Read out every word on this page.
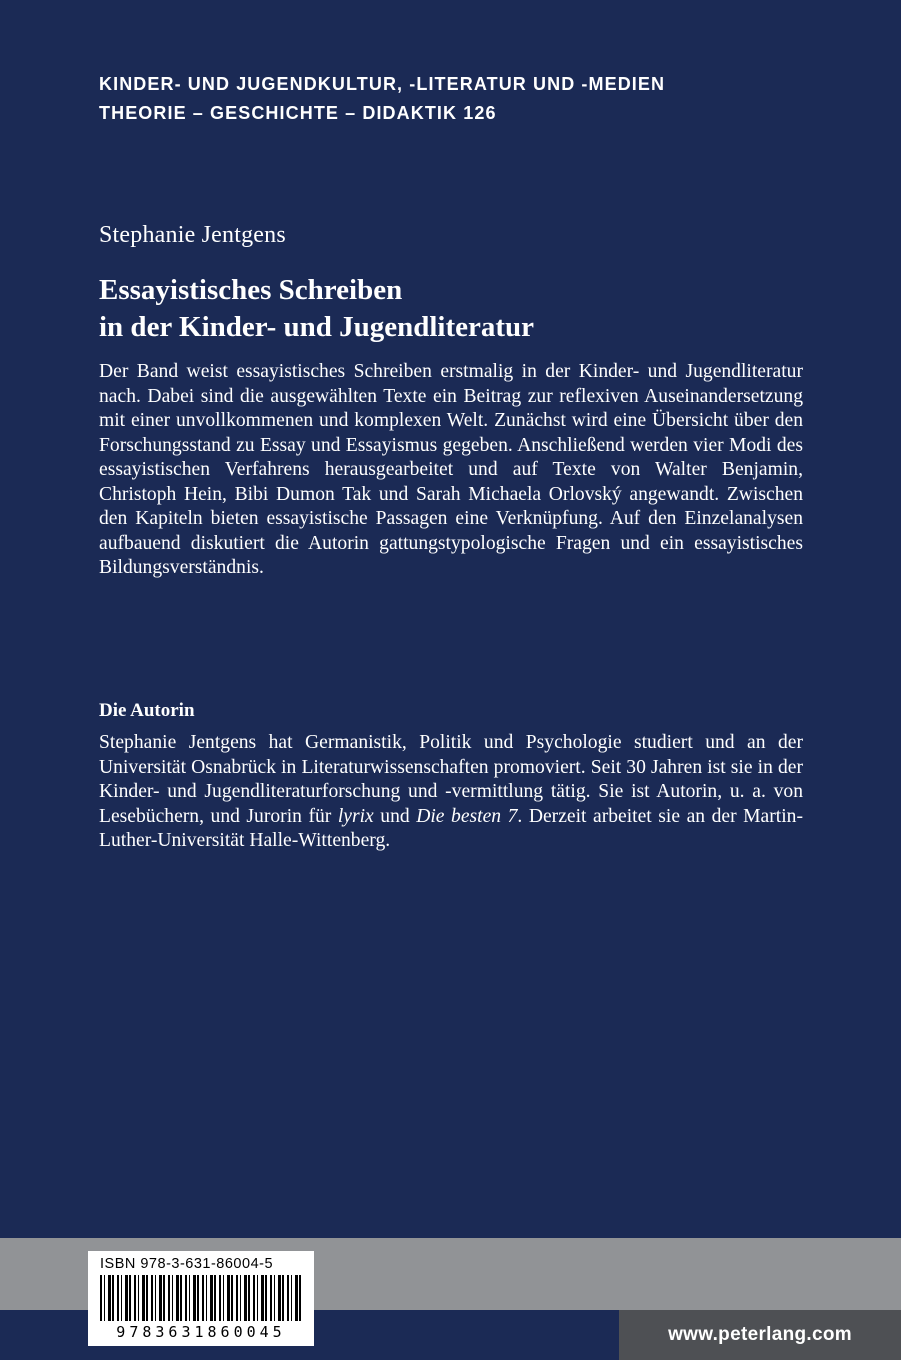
KINDER- UND JUGENDKULTUR, -LITERATUR UND -MEDIEN
THEORIE – GESCHICHTE – DIDAKTIK 126
Stephanie Jentgens
Essayistisches Schreiben
in der Kinder- und Jugendliteratur

Der Band weist essayistisches Schreiben erstmalig in der Kinder- und Jugendliteratur nach. Dabei sind die ausgewählten Texte ein Beitrag zur reflexiven Auseinandersetzung mit einer unvollkommenen und komplexen Welt. Zunächst wird eine Übersicht über den Forschungsstand zu Essay und Essayismus gegeben. Anschließend werden vier Modi des essayistischen Verfahrens herausgearbeitet und auf Texte von Walter Benjamin, Christoph Hein, Bibi Dumon Tak und Sarah Michaela Orlovský angewandt. Zwischen den Kapiteln bieten essayistische Passagen eine Verknüpfung. Auf den Einzelanalysen aufbauend diskutiert die Autorin gattungstypologische Fragen und ein essayistisches Bildungsverständnis.

Die Autorin

Stephanie Jentgens hat Germanistik, Politik und Psychologie studiert und an der Universität Osnabrück in Literaturwissenschaften promoviert. Seit 30 Jahren ist sie in der Kinder- und Jugendliteraturforschung und -vermittlung tätig. Sie ist Autorin, u. a. von Lesebüchern, und Jurorin für lyrix und Die besten 7. Derzeit arbeitet sie an der Martin-Luther-Universität Halle-Wittenberg.

www.peterlang.com
ISBN 978-3-631-86004-5
9783631860045
